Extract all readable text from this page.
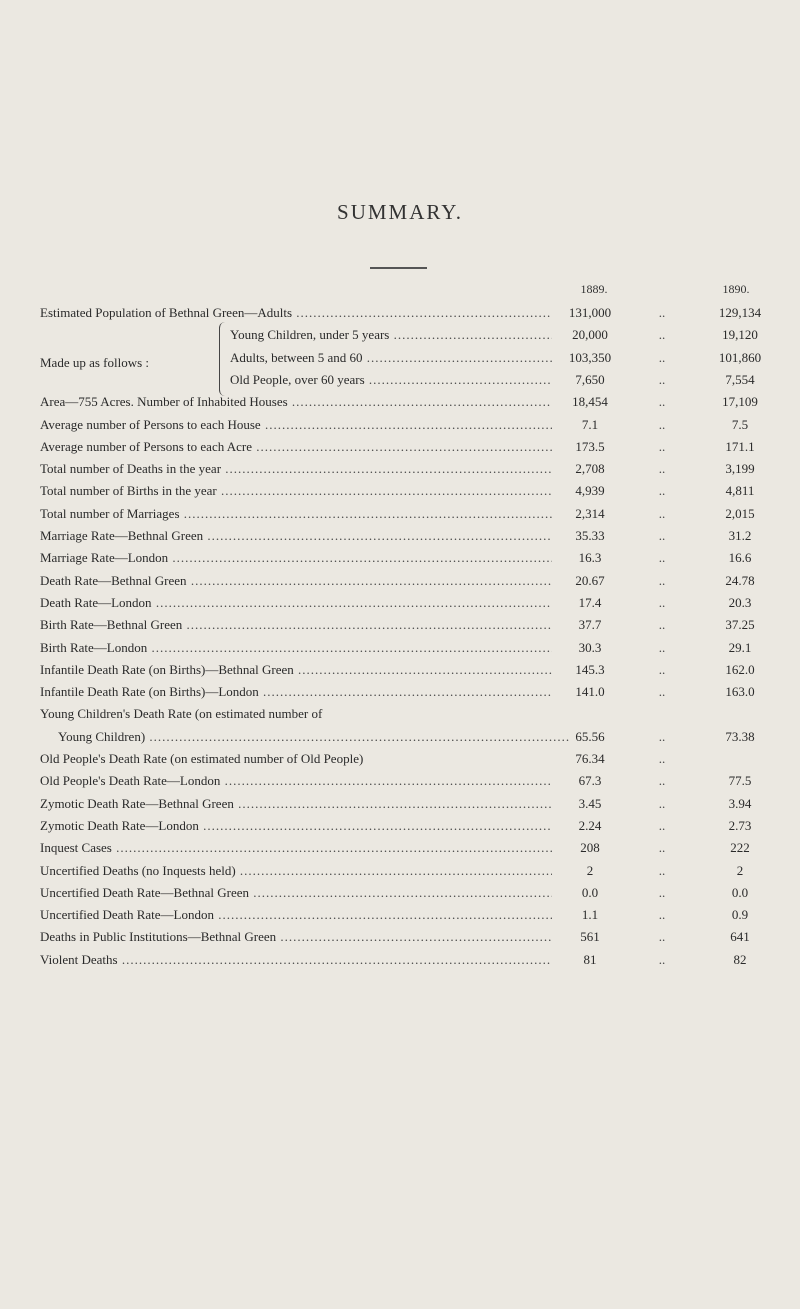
SUMMARY.
1889.	1890.
Made up as follows :
Estimated Population of Bethnal Green—Adults .....	131,000	..	129,134
Young Children, under 5 years .....	20,000	..	19,120
Adults, between 5 and 60 .....	103,350	..	101,860
Old People, over 60 years .....	7,650	..	7,554
Area—755 Acres. Number of Inhabited Houses .....	18,454	..	17,109
Average number of Persons to each House .....	7.1	..	7.5
Average number of Persons to each Acre .....	173.5	..	171.1
Total number of Deaths in the year .....	2,708	..	3,199
Total number of Births in the year .....	4,939	..	4,811
Total number of Marriages .....	2,314	..	2,015
Marriage Rate—Bethnal Green .....	35.33	..	31.2
Marriage Rate—London .....	16.3	..	16.6
Death Rate—Bethnal Green .....	20.67	..	24.78
Death Rate—London .....	17.4	..	20.3
Birth Rate—Bethnal Green .....	37.7	..	37.25
Birth Rate—London .....	30.3	..	29.1
Infantile Death Rate (on Births)—Bethnal Green .....	145.3	..	162.0
Infantile Death Rate (on Births)—London .....	141.0	..	163.0
Young Children's Death Rate (on estimated number of
Young Children) .....	65.56	..	73.38
Old People's Death Rate (on estimated number of Old People)	76.34	..
Old People's Death Rate—London .....	67.3	..	77.5
Zymotic Death Rate—Bethnal Green .....	3.45	..	3.94
Zymotic Death Rate—London .....	2.24	..	2.73
Inquest Cases .....	208	..	222
Uncertified Deaths (no Inquests held) .....	2	..	2
Uncertified Death Rate—Bethnal Green .....	0.0	..	0.0
Uncertified Death Rate—London .....	1.1	..	0.9
Deaths in Public Institutions—Bethnal Green .....	561	..	641
Violent Deaths .....	81	..	82
